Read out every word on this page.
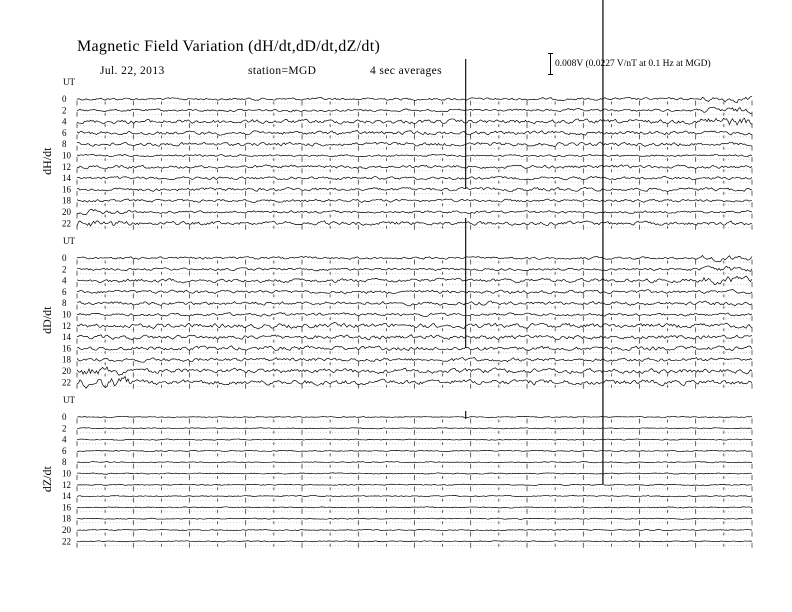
Magnetic Field Variation (dH/dt,dD/dt,dZ/dt)
Jul. 22, 2013	station=MGD	4 sec averages
0.008V (0.0227 V/nT at 0.1 Hz at MGD)
UT
dH/dt
0
2
4
6
8
10
12
14
16
18
20
22
UT
dD/dt
0
2
4
6
8
10
12
14
16
18
20
22
UT
dZ/dt
0
2
4
6
8
10
12
14
16
18
20
22
